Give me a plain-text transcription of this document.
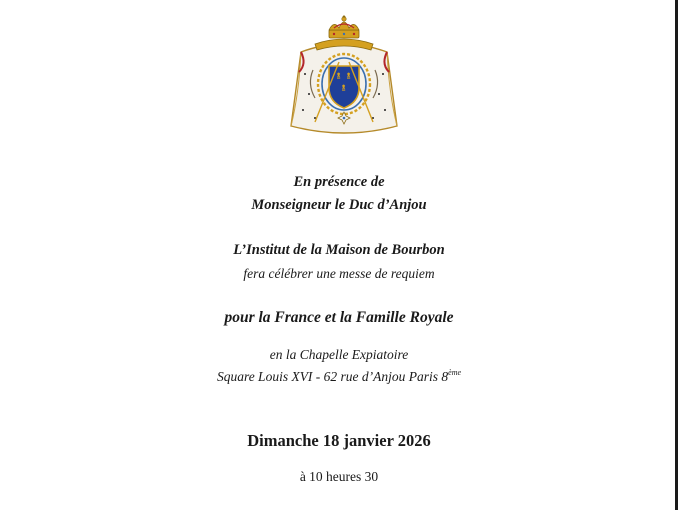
En présence de
Monseigneur le Duc d’Anjou
L’Institut de la Maison de Bourbon
fera célébrer une messe de requiem
pour la France et la Famille Royale
en la Chapelle Expiatoire
Square Louis XVI - 62 rue d’Anjou Paris 8ème
Dimanche 18 janvier 2026
à 10 heures 30
